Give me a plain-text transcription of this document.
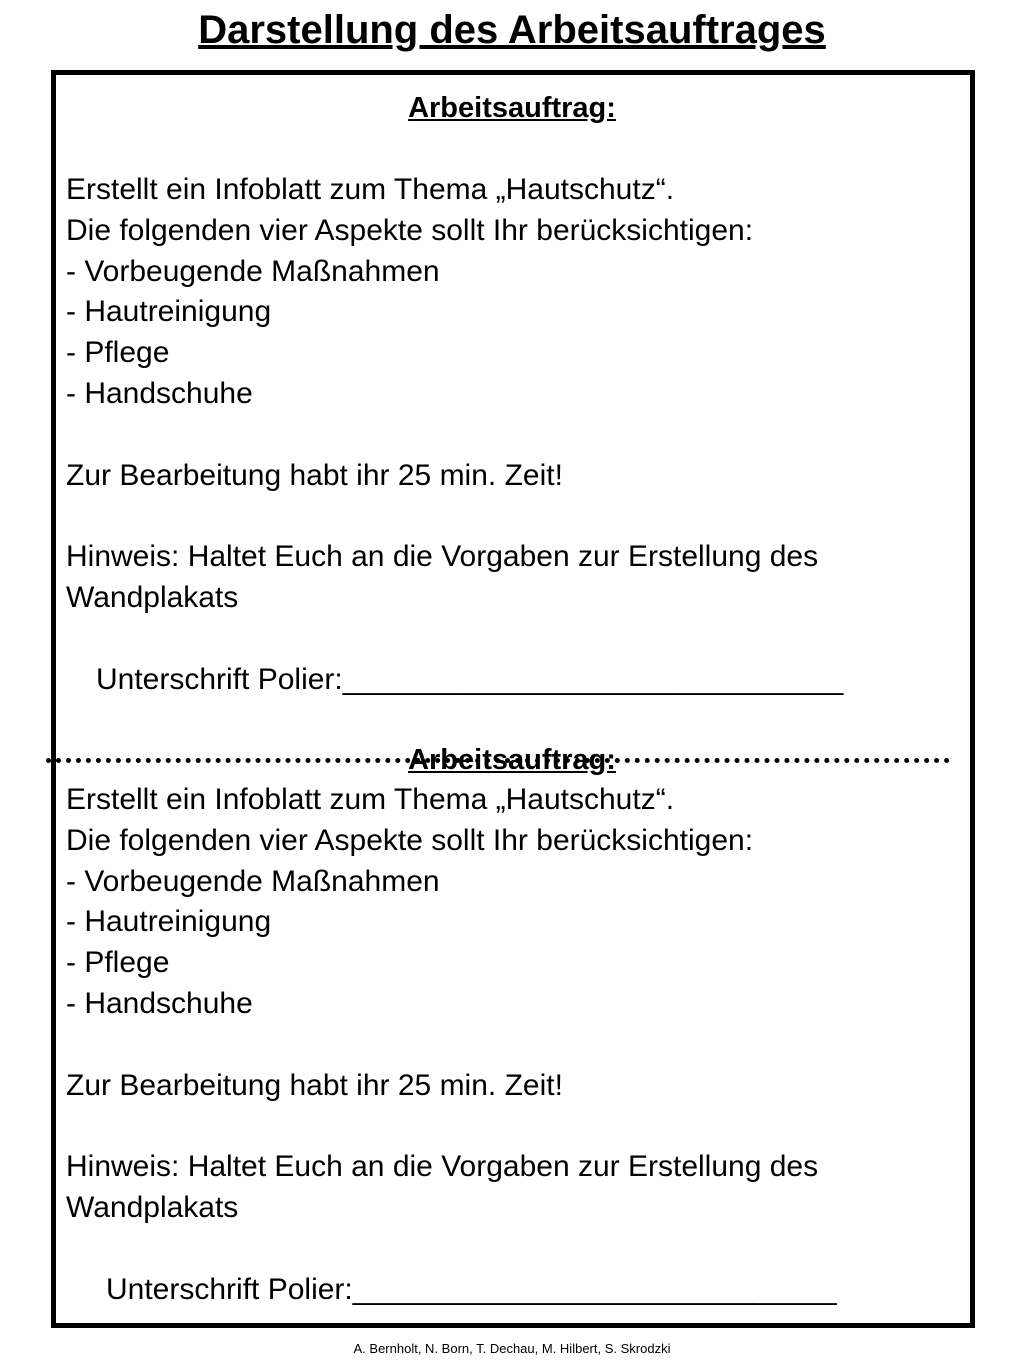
Darstellung des Arbeitsauftrages
Arbeitsauftrag:
Erstellt ein Infoblatt zum Thema „Hautschutz“.
Die folgenden vier Aspekte sollt Ihr berücksichtigen:
- Vorbeugende Maßnahmen
- Hautreinigung
- Pflege
- Handschuhe
Zur Bearbeitung habt ihr 25 min. Zeit!
Hinweis: Haltet Euch an die Vorgaben zur Erstellung des
Wandplakats
Unterschrift Polier:______________________________
Arbeitsauftrag:
Erstellt ein Infoblatt zum Thema „Hautschutz“.
Die folgenden vier Aspekte sollt Ihr berücksichtigen:
- Vorbeugende Maßnahmen
- Hautreinigung
- Pflege
- Handschuhe
Zur Bearbeitung habt ihr 25 min. Zeit!
Hinweis: Haltet Euch an die Vorgaben zur Erstellung des
Wandplakats
Unterschrift Polier:_____________________________
A. Bernholt, N. Born, T. Dechau, M. Hilbert, S. Skrodzki
